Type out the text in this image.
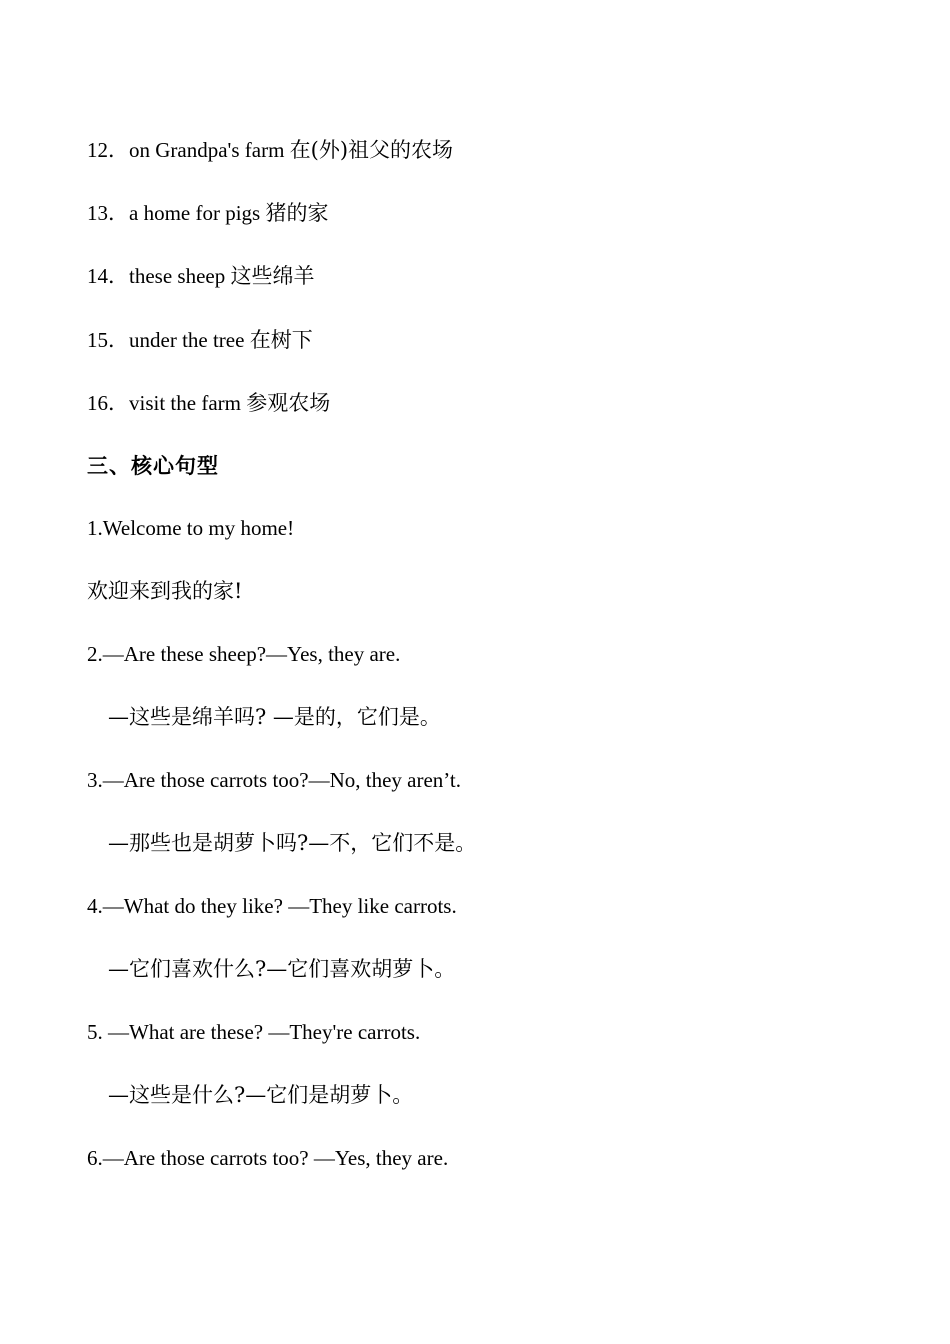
12．on Grandpa's farm 在(外)祖父的农场
13．a home for pigs 猪的家
14．these sheep 这些绵羊
15．under the tree 在树下
16．visit the farm 参观农场
三、核心句型
1.Welcome to my home!
欢迎来到我的家!
2.—Are these sheep?—Yes, they are.
—这些是绵羊吗? —是的，它们是。
3.—Are those carrots too?—No, they aren’t.
—那些也是胡萝卜吗?—不，它们不是。
4.—What do they like? —They like carrots.
—它们喜欢什么?—它们喜欢胡萝卜。
5. —What are these? —They're carrots.
—这些是什么?—它们是胡萝卜。
6.—Are those carrots too? —Yes, they are.
